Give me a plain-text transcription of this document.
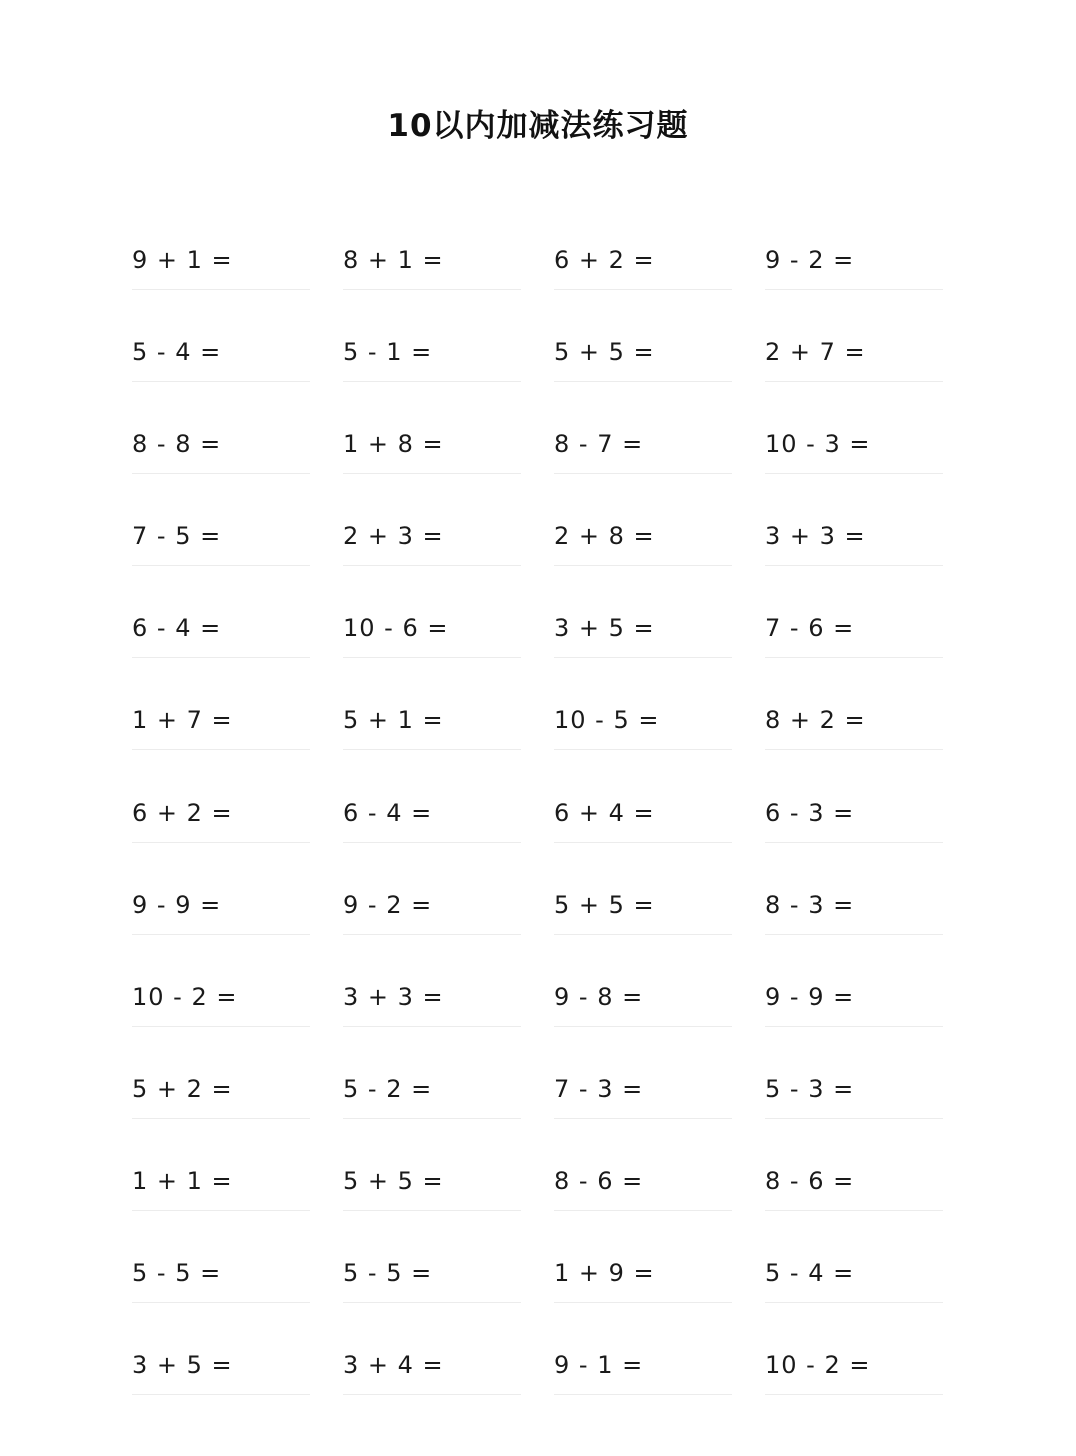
10以内加减法练习题
9 + 1 =	8 + 1 =	6 + 2 =	9 - 2 =
5 - 4 =	5 - 1 =	5 + 5 =	2 + 7 =
8 - 8 =	1 + 8 =	8 - 7 =	10 - 3 =
7 - 5 =	2 + 3 =	2 + 8 =	3 + 3 =
6 - 4 =	10 - 6 =	3 + 5 =	7 - 6 =
1 + 7 =	5 + 1 =	10 - 5 =	8 + 2 =
6 + 2 =	6 - 4 =	6 + 4 =	6 - 3 =
9 - 9 =	9 - 2 =	5 + 5 =	8 - 3 =
10 - 2 =	3 + 3 =	9 - 8 =	9 - 9 =
5 + 2 =	5 - 2 =	7 - 3 =	5 - 3 =
1 + 1 =	5 + 5 =	8 - 6 =	8 - 6 =
5 - 5 =	5 - 5 =	1 + 9 =	5 - 4 =
3 + 5 =	3 + 4 =	9 - 1 =	10 - 2 =
